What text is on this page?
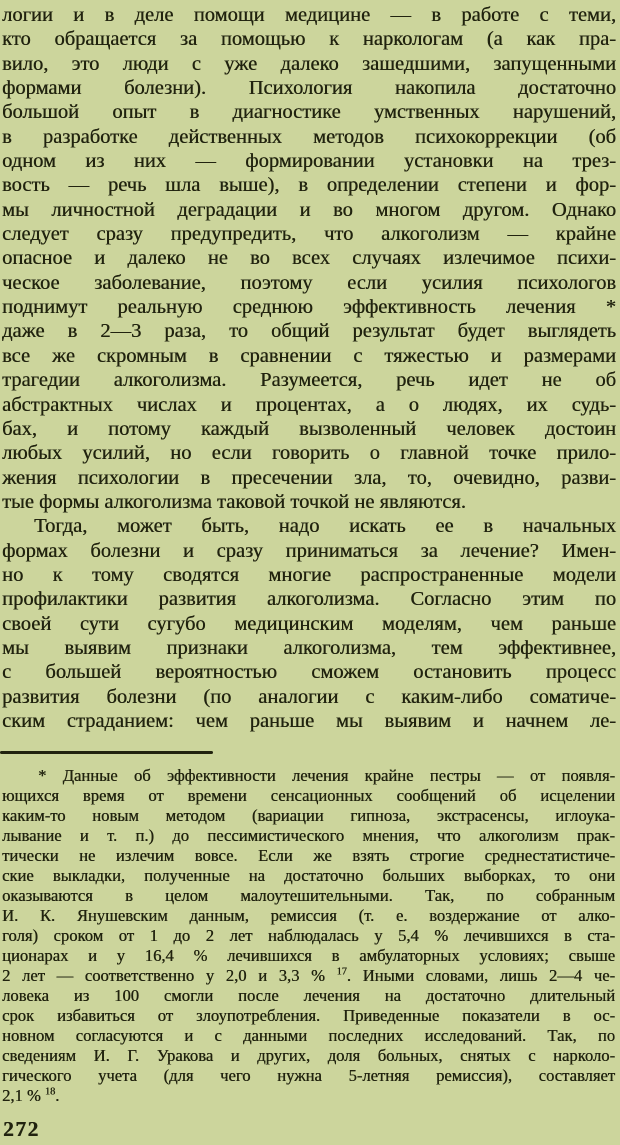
логии и в деле помощи медицине — в работе с теми,
кто обращается за помощью к наркологам (а как пра-
вило, это люди с уже далеко зашедшими, запущенными
формами болезни). Психология накопила достаточно
большой опыт в диагностике умственных нарушений,
в разработке действенных методов психокоррекции (об
одном из них — формировании установки на трез-
вость — речь шла выше), в определении степени и фор-
мы личностной деградации и во многом другом. Однако
следует сразу предупредить, что алкоголизм — крайне
опасное и далеко не во всех случаях излечимое психи-
ческое заболевание, поэтому если усилия психологов
поднимут реальную среднюю эффективность лечения *
даже в 2—3 раза, то общий результат будет выглядеть
все же скромным в сравнении с тяжестью и размерами
трагедии алкоголизма. Разумеется, речь идет не об
абстрактных числах и процентах, а о людях, их судь-
бах, и потому каждый вызволенный человек достоин
любых усилий, но если говорить о главной точке прило-
жения психологии в пресечении зла, то, очевидно, разви-
тые формы алкоголизма таковой точкой не являются.
Тогда, может быть, надо искать ее в начальных
формах болезни и сразу приниматься за лечение? Имен-
но к тому сводятся многие распространенные модели
профилактики развития алкоголизма. Согласно этим по
своей сути сугубо медицинским моделям, чем раньше
мы выявим признаки алкоголизма, тем эффективнее,
с большей вероятностью сможем остановить процесс
развития болезни (по аналогии с каким-либо соматиче-
ским страданием: чем раньше мы выявим и начнем ле-
* Данные об эффективности лечения крайне пестры — от появля-
ющихся время от времени сенсационных сообщений об исцелении
каким-то новым методом (вариации гипноза, экстрасенсы, иглоука-
лывание и т. п.) до пессимистического мнения, что алкоголизм прак-
тически не излечим вовсе. Если же взять строгие среднестатистиче-
ские выкладки, полученные на достаточно больших выборках, то они
оказываются в целом малоутешительными. Так, по собранным
И. К. Янушевским данным, ремиссия (т. е. воздержание от алко-
голя) сроком от 1 до 2 лет наблюдалась у 5,4 % лечившихся в ста-
ционарах и у 16,4 % лечившихся в амбулаторных условиях; свыше
2 лет — соответственно у 2,0 и 3,3 % $^{17}$. Иными словами, лишь 2—4 че-
ловека из 100 смогли после лечения на достаточно длительный
срок избавиться от злоупотребления. Приведенные показатели в ос-
новном согласуются и с данными последних исследований. Так, по
сведениям И. Г. Уракова и других, доля больных, снятых с нарколо-
гического учета (для чего нужна 5-летняя ремиссия), составляет
2,1 % $^{18}$.
272
